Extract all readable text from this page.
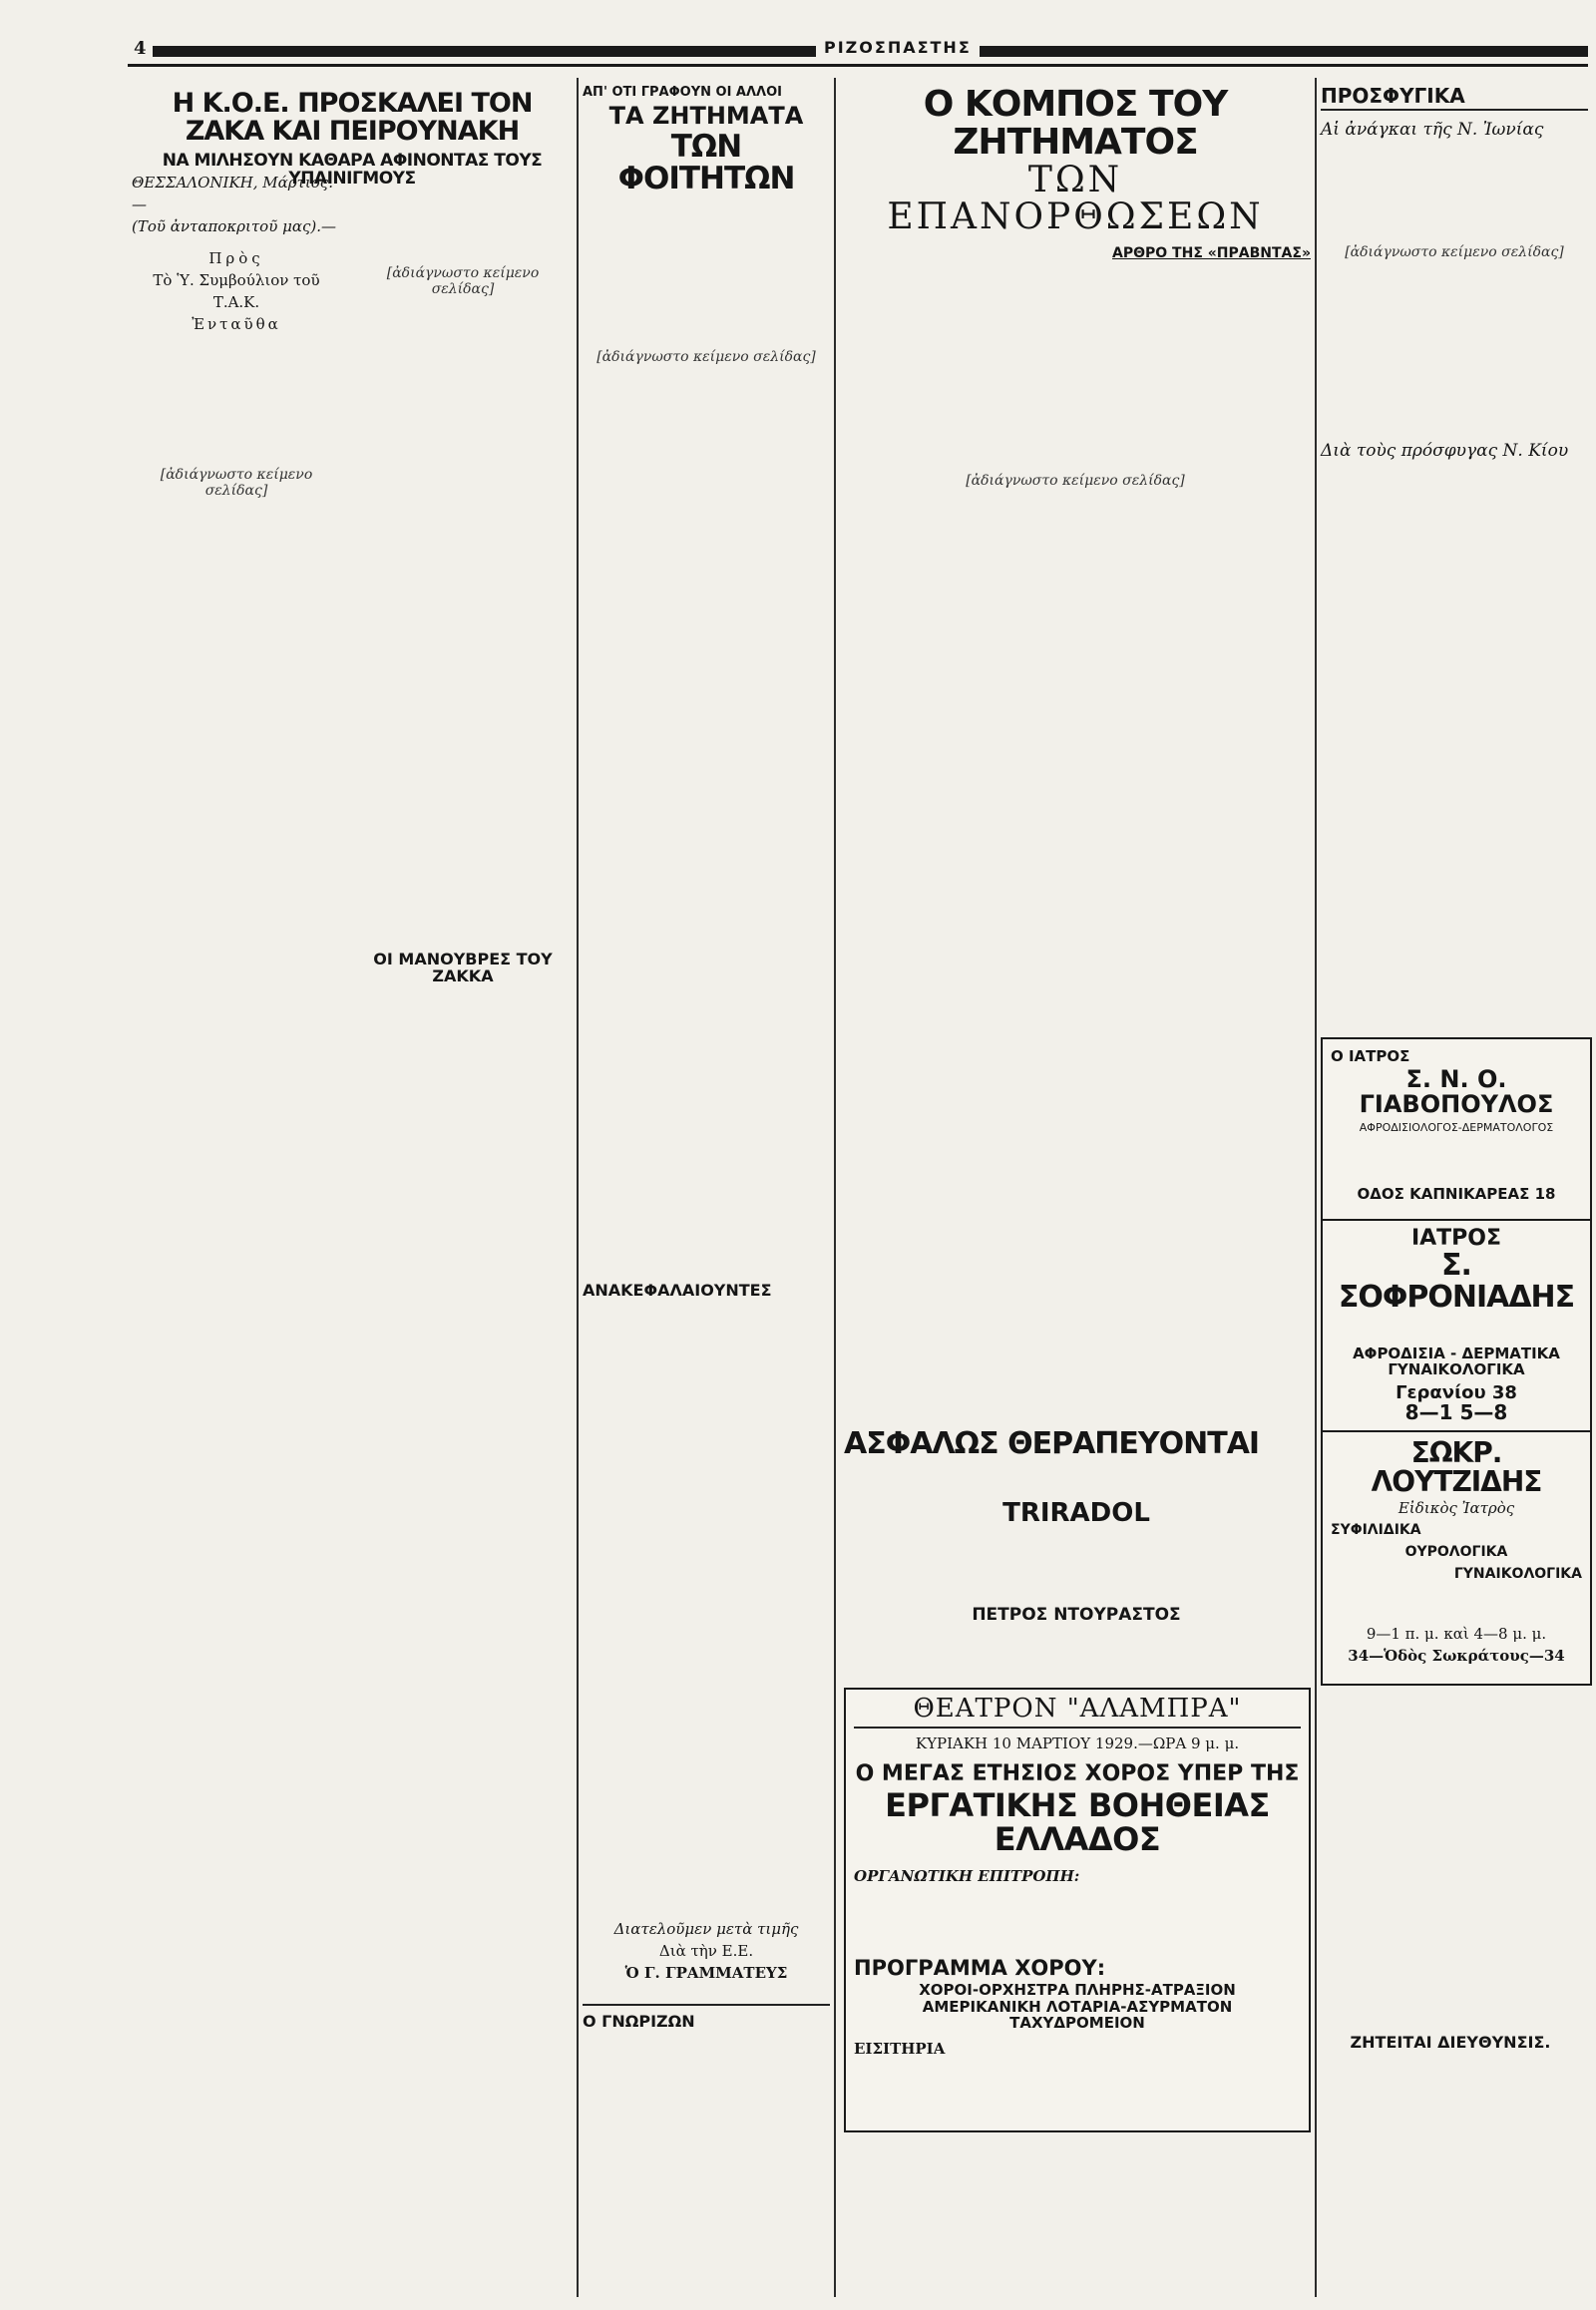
4	ΡΙΖΟΣΠΑΣΤΗΣ
Η Κ.Ο.Ε. ΠΡΟΣΚΑΛΕΙ ΤΟΝ ΖΑΚΑ ΚΑΙ ΠΕΙΡΟΥΝΑΚΗ
ΝΑ ΜΙΛΗΣΟΥΝ ΚΑΘΑΡΑ ΑΦΙΝΟΝΤΑΣ ΤΟΥΣ ΥΠΑΙΝΙΓΜΟΥΣ
ΘΕΣΣΑΛΟΝΙΚΗ, Μάρτιος.—
(Τοῦ ἀνταποκριτοῦ μας).—
Πρὸς
Τὸ Ὑ. Συμβούλιον τοῦ Τ.Α.Κ.
Ἐνταῦθα
[ἀδιάγνωστο κείμενο σελίδας]
[ἀδιάγνωστο κείμενο σελίδας]
ΟΙ ΜΑΝΟΥΒΡΕΣ ΤΟΥ ΖΑΚΚΑ
ΑΠ' ΟΤΙ ΓΡΑΦΟΥΝ ΟΙ ΑΛΛΟΙ
ΤΑ ΖΗΤΗΜΑΤΑ
ΤΩΝ ΦΟΙΤΗΤΩΝ
[ἀδιάγνωστο κείμενο σελίδας]
ΑΝΑΚΕΦΑΛΑΙΟΥΝΤΕΣ
Διατελοῦμεν μετὰ τιμῆς
Διὰ τὴν Ε.Ε.
Ὁ Γ. ΓΡΑΜΜΑΤΕΥΣ
Ο ΓΝΩΡΙΖΩΝ
Ο ΚΟΜΠΟΣ ΤΟΥ ΖΗΤΗΜΑΤΟΣ
ΤΩΝ ΕΠΑΝΟΡΘΩΣΕΩΝ
ΑΡΘΡΟ ΤΗΣ «ΠΡΑΒΝΤΑΣ»
[ἀδιάγνωστο κείμενο σελίδας]
ΘΕΑΤΡΟΝ "ΑΛΑΜΠΡΑ"
ΚΥΡΙΑΚΗ 10 ΜΑΡΤΙΟΥ 1929.—ΩΡΑ 9 μ. μ.
Ο ΜΕΓΑΣ ΕΤΗΣΙΟΣ ΧΟΡΟΣ ΥΠΕΡ ΤΗΣ
ΕΡΓΑΤΙΚΗΣ ΒΟΗΘΕΙΑΣ ΕΛΛΑΔΟΣ
ΟΡΓΑΝΩΤΙΚΗ ΕΠΙΤΡΟΠΗ:
ΠΡΟΓΡΑΜΜΑ ΧΟΡΟΥ:
ΧΟΡΟΙ-ΟΡΧΗΣΤΡΑ ΠΛΗΡΗΣ-ΑΤΡΑΞΙΟΝ
ΑΜΕΡΙΚΑΝΙΚΗ ΛΟΤΑΡΙΑ-ΑΣΥΡΜΑΤΟΝ ΤΑΧΥΔΡΟΜΕΙΟΝ
ΕΙΣΙΤΗΡΙΑ
ΠΡΟΣΦΥΓΙΚΑ
Αἱ ἀνάγκαι τῆς Ν. Ἰωνίας
[ἀδιάγνωστο κείμενο σελίδας]
Διὰ τοὺς πρόσφυγας Ν. Κίου
Ο ΙΑΤΡΟΣ
Σ. Ν. Ο. ΓΙΑΒΟΠΟΥΛΟΣ
ΑΦΡΟΔΙΣΙΟΛΟΓΟΣ-ΔΕΡΜΑΤΟΛΟΓΟΣ
ΟΔΟΣ ΚΑΠΝΙΚΑΡΕΑΣ 18
ΙΑΤΡΟΣ
Σ. ΣΟΦΡΟΝΙΑΔΗΣ
ΑΦΡΟΔΙΣΙΑ - ΔΕΡΜΑΤΙΚΑ
ΓΥΝΑΙΚΟΛΟΓΙΚΑ
Γερανίου 38
8—1 5—8
ΑΣΦΑΛΩΣ ΘΕΡΑΠΕΥΟΝΤΑΙ
TRIRADOL
ΠΕΤΡΟΣ ΝΤΟΥΡΑΣΤΟΣ
ΣΩΚΡ. ΛΟΥΤΖΙΔΗΣ
Εἰδικὸς Ἰατρὸς
ΣΥΦΙΛΙΔΙΚΑ
ΟΥΡΟΛΟΓΙΚΑ
ΓΥΝΑΙΚΟΛΟΓΙΚΑ
9—1 π. μ. καὶ 4—8 μ. μ.
34—Ὁδὸς Σωκράτους—34
ΖΗΤΕΙΤΑΙ ΔΙΕΥΘΥΝΣΙΣ.
